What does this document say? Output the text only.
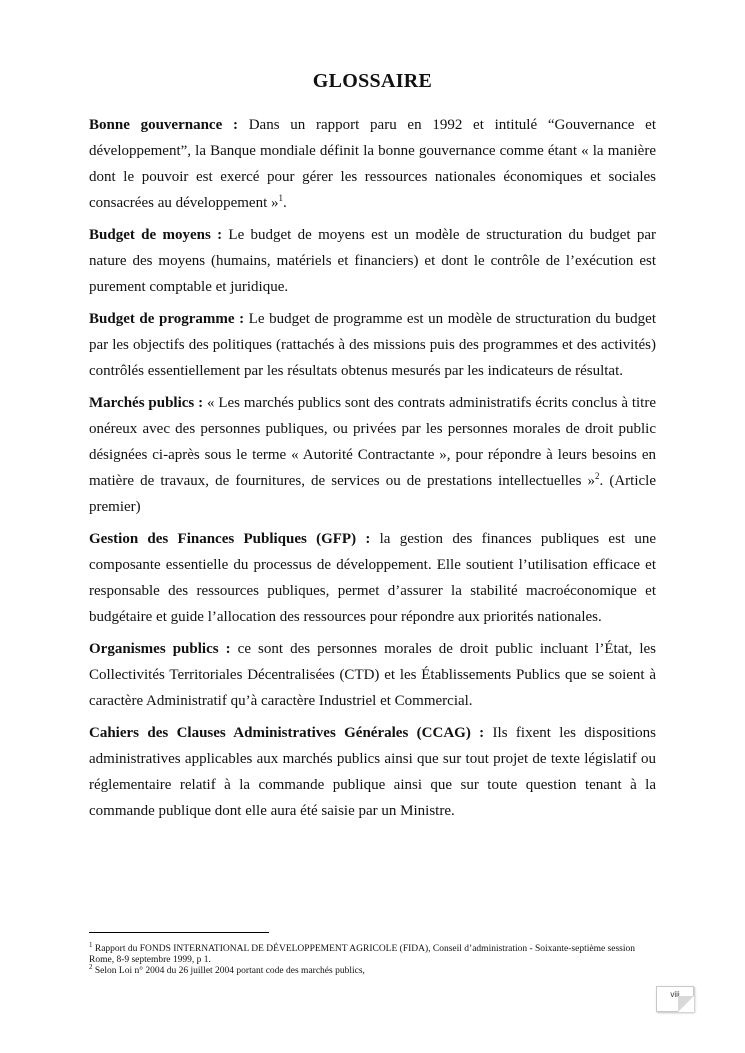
GLOSSAIRE

Bonne gouvernance : Dans un rapport paru en 1992 et intitulé “Gouvernance et développement”, la Banque mondiale définit la bonne gouvernance comme étant « la manière dont le pouvoir est exercé pour gérer les ressources nationales économiques et sociales consacrées au développement »$^1$.

Budget de moyens : Le budget de moyens est un modèle de structuration du budget par nature des moyens (humains, matériels et financiers) et dont le contrôle de l’exécution est purement comptable et juridique.

Budget de programme : Le budget de programme est un modèle de structuration du budget par les objectifs des politiques (rattachés à des missions puis des programmes et des activités) contrôlés essentiellement par les résultats obtenus mesurés par les indicateurs de résultat.

Marchés publics : « Les marchés publics sont des contrats administratifs écrits conclus à titre onéreux avec des personnes publiques, ou privées par les personnes morales de droit public désignées ci-après sous le terme « Autorité Contractante », pour répondre à leurs besoins en matière de travaux, de fournitures, de services ou de prestations intellectuelles »$^2$. (Article premier)

Gestion des Finances Publiques (GFP) : la gestion des finances publiques est une composante essentielle du processus de développement. Elle soutient l’utilisation efficace et responsable des ressources publiques, permet d’assurer la stabilité macroéconomique et budgétaire et guide l’allocation des ressources pour répondre aux priorités nationales.

Organismes publics : ce sont des personnes morales de droit public incluant l’État, les Collectivités Territoriales Décentralisées (CTD) et les Établissements Publics que se soient à caractère Administratif qu’à caractère Industriel et Commercial.

Cahiers des Clauses Administratives Générales (CCAG) : Ils fixent les dispositions administratives applicables aux marchés publics ainsi que sur tout projet de texte législatif ou réglementaire relatif à la commande publique ainsi que sur toute question tenant à la commande publique dont elle aura été saisie par un Ministre.

$^1$ Rapport du FONDS INTERNATIONAL DE DÉVELOPPEMENT AGRICOLE (FIDA), Conseil d’administration - Soixante-septième session Rome, 8-9 septembre 1999, p 1.
$^2$ Selon Loi n° 2004 du 26 juillet 2004 portant code des marchés publics,
viii
